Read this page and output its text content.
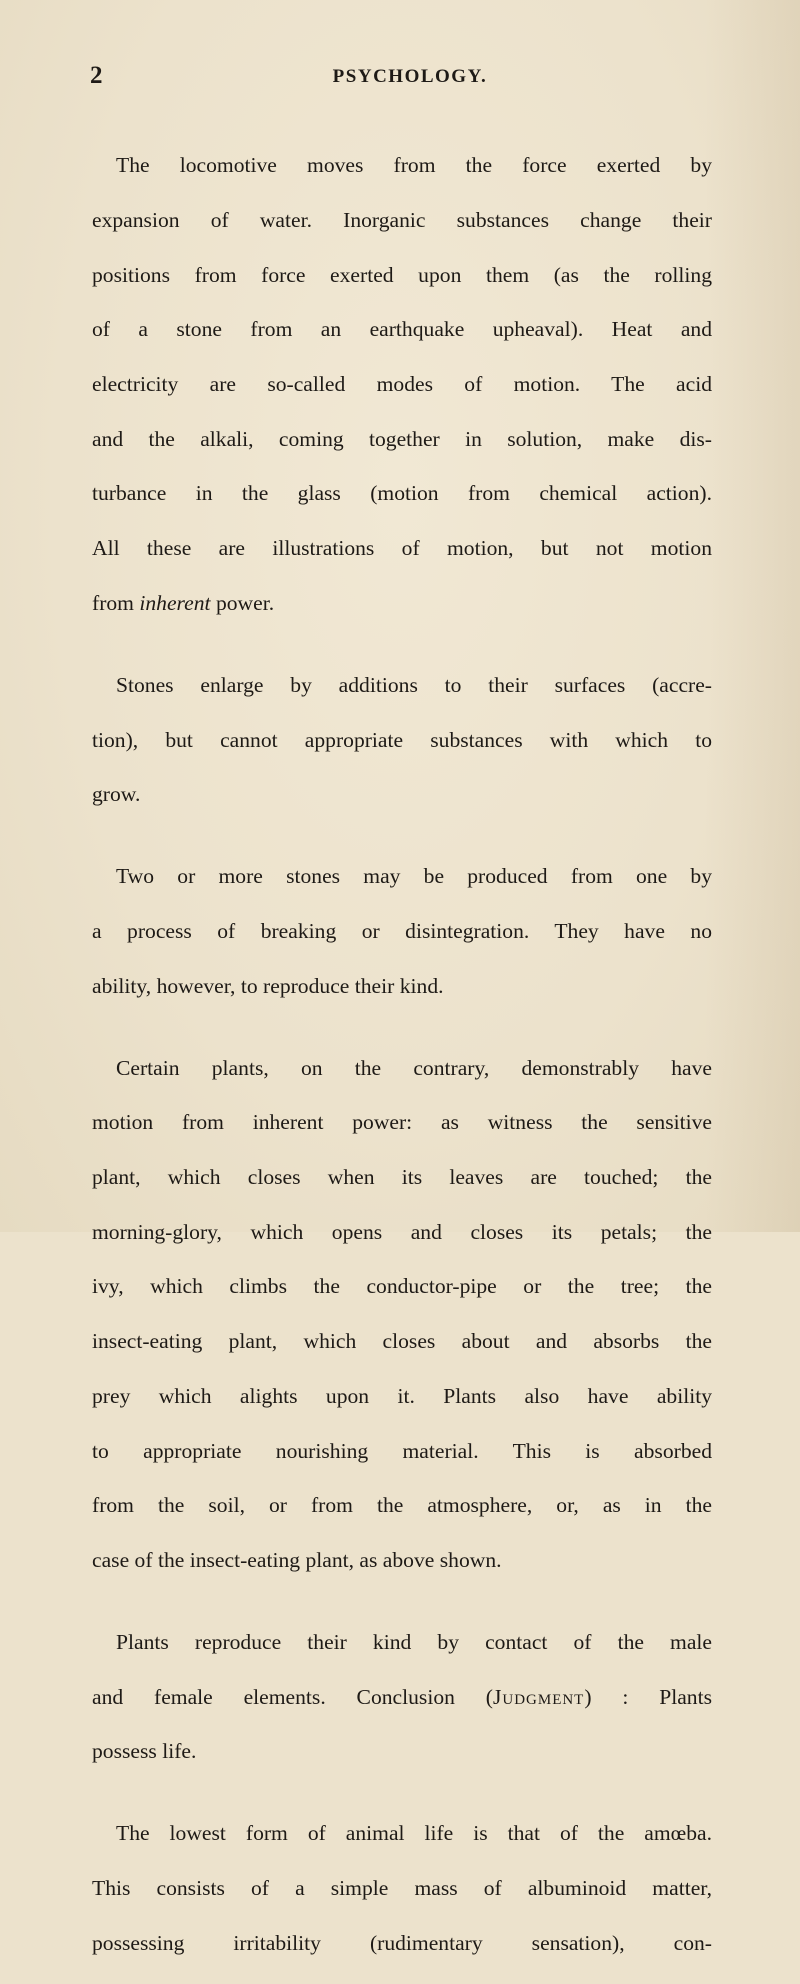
2	PSYCHOLOGY.

The locomotive moves from the force exerted by

expansion of water. Inorganic substances change their

positions from force exerted upon them (as the rolling

of a stone from an earthquake upheaval). Heat and

electricity are so-called modes of motion. The acid

and the alkali, coming together in solution, make dis-

turbance in the glass (motion from chemical action).

All these are illustrations of motion, but not motion

from inherent power.

Stones enlarge by additions to their surfaces (accre-

tion), but cannot appropriate substances with which to

grow.

Two or more stones may be produced from one by

a process of breaking or disintegration. They have no

ability, however, to reproduce their kind.

Certain plants, on the contrary, demonstrably have

motion from inherent power: as witness the sensitive

plant, which closes when its leaves are touched; the

morning-glory, which opens and closes its petals; the

ivy, which climbs the conductor-pipe or the tree; the

insect-eating plant, which closes about and absorbs the

prey which alights upon it. Plants also have ability

to appropriate nourishing material. This is absorbed

from the soil, or from the atmosphere, or, as in the

case of the insect-eating plant, as above shown.

Plants reproduce their kind by contact of the male

and female elements. Conclusion (Judgment) : Plants

possess life.

The lowest form of animal life is that of the amœba.

This consists of a simple mass of albuminoid matter,

possessing irritability (rudimentary sensation), con-
